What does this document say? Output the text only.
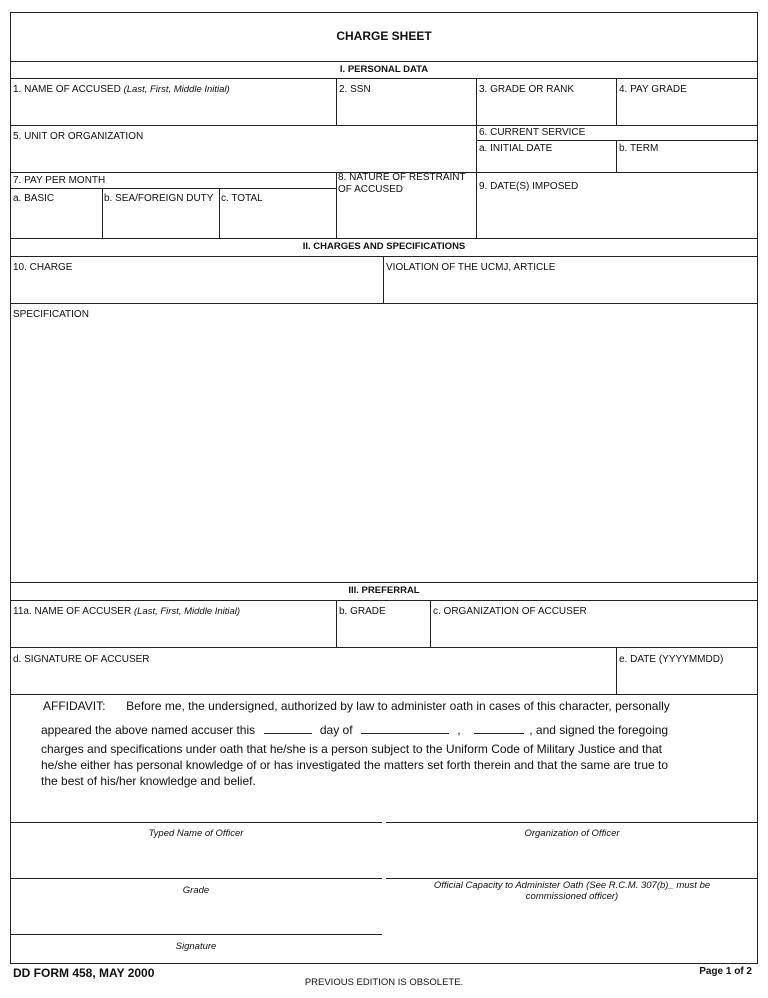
CHARGE SHEET
I. PERSONAL DATA
1. NAME OF ACCUSED (Last, First, Middle Initial)	2. SSN	3. GRADE OR RANK	4. PAY GRADE
5. UNIT OR ORGANIZATION	6. CURRENT SERVICE
a. INITIAL DATE	b. TERM
7. PAY PER MONTH
a. BASIC	b. SEA/FOREIGN DUTY c. TOTAL
8. NATURE OF RESTRAINT
OF ACCUSED	9. DATE(S) IMPOSED
II. CHARGES AND SPECIFICATIONS
10. CHARGE	VIOLATION OF THE UCMJ, ARTICLE
SPECIFICATION
III. PREFERRAL
11a. NAME OF ACCUSER (Last, First, Middle Initial)	b. GRADE	c. ORGANIZATION OF ACCUSER
d. SIGNATURE OF ACCUSER	e. DATE (YYYYMMDD)
AFFIDAVIT: Before me, the undersigned, authorized by law to administer oath in cases of this character, personally
appeared the above named accuser this	day of	,	, and signed the foregoing
charges and specifications under oath that he/she is a person subject to the Uniform Code of Military Justice and that
he/she either has personal knowledge of or has investigated the matters set forth therein and that the same are true to
the best of his/her knowledge and belief.
Typed Name of Officer	Organization of Officer
Grade	Official Capacity to Administer Oath (See R.C.M. 307(b)_ must be
commissioned officer)
Signature
DD FORM 458, MAY 2000	Page 1 of 2
PREVIOUS EDITION IS OBSOLETE.
